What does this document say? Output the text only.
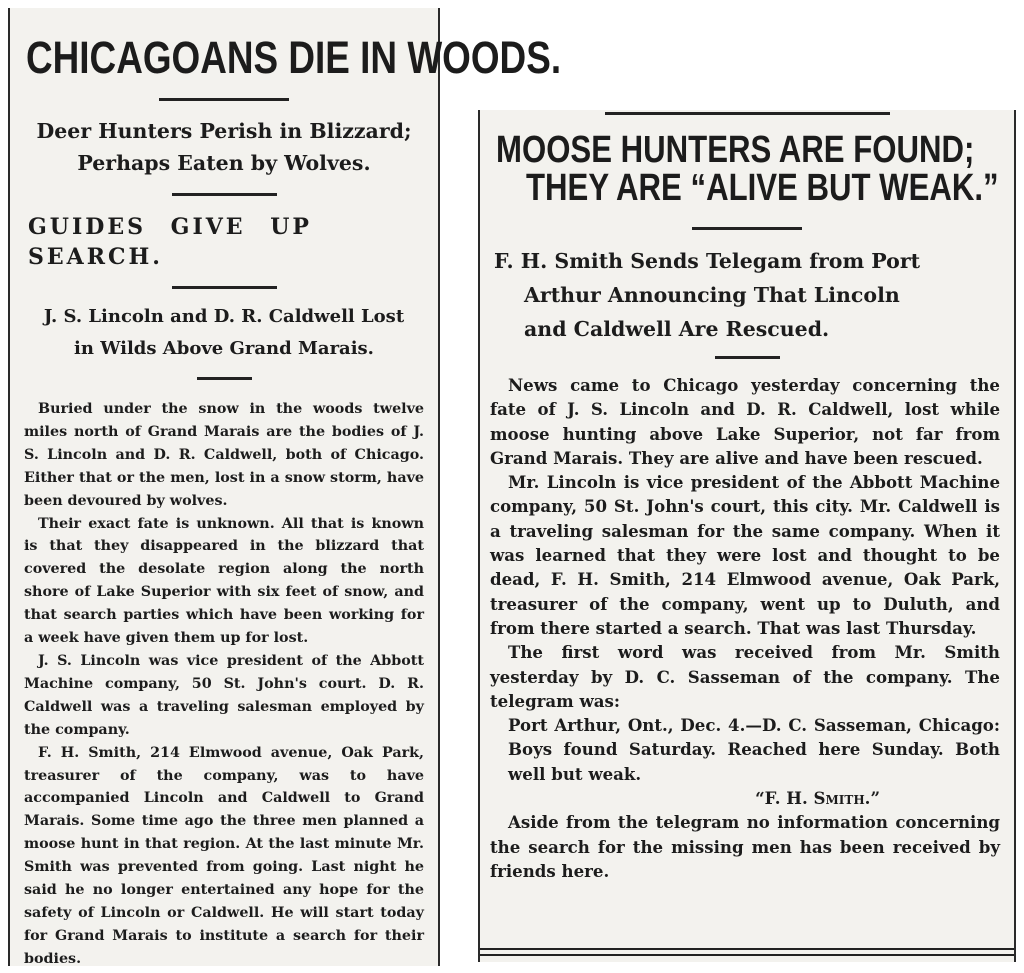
CHICAGOANS DIE IN WOODS.
Deer Hunters Perish in Blizzard;
Perhaps Eaten by Wolves.
GUIDES GIVE UP SEARCH.
J. S. Lincoln and D. R. Caldwell Lost
in Wilds Above Grand Marais.

Buried under the snow in the woods twelve miles north of Grand Marais are the bodies of J. S. Lincoln and D. R. Caldwell, both of Chicago. Either that or the men, lost in a snow storm, have been devoured by wolves.

Their exact fate is unknown. All that is known is that they disappeared in the blizzard that covered the desolate region along the north shore of Lake Superior with six feet of snow, and that search parties which have been working for a week have given them up for lost.

J. S. Lincoln was vice president of the Abbott Machine company, 50 St. John's court. D. R. Caldwell was a traveling salesman employed by the company.

F. H. Smith, 214 Elmwood avenue, Oak Park, treasurer of the company, was to have accompanied Lincoln and Caldwell to Grand Marais. Some time ago the three men planned a moose hunt in that region. At the last minute Mr. Smith was prevented from going. Last night he said he no longer entertained any hope for the safety of Lincoln or Caldwell. He will start today for Grand Marais to institute a search for their bodies.

MOOSE HUNTERS ARE FOUND;
THEY ARE “ALIVE BUT WEAK.”
F. H. Smith Sends Telegam from Port
Arthur Announcing That Lincoln
and Caldwell Are Rescued.

News came to Chicago yesterday concerning the fate of J. S. Lincoln and D. R. Caldwell, lost while moose hunting above Lake Superior, not far from Grand Marais. They are alive and have been rescued.

Mr. Lincoln is vice president of the Abbott Machine company, 50 St. John's court, this city. Mr. Caldwell is a traveling salesman for the same company. When it was learned that they were lost and thought to be dead, F. H. Smith, 214 Elmwood avenue, Oak Park, treasurer of the company, went up to Duluth, and from there started a search. That was last Thursday.

The first word was received from Mr. Smith yesterday by D. C. Sasseman of the company. The telegram was:

Port Arthur, Ont., Dec. 4.—D. C. Sasseman, Chicago: Boys found Saturday. Reached here Sunday. Both well but weak.

“F. H. Smith.”

Aside from the telegram no information concerning the search for the missing men has been received by friends here.
